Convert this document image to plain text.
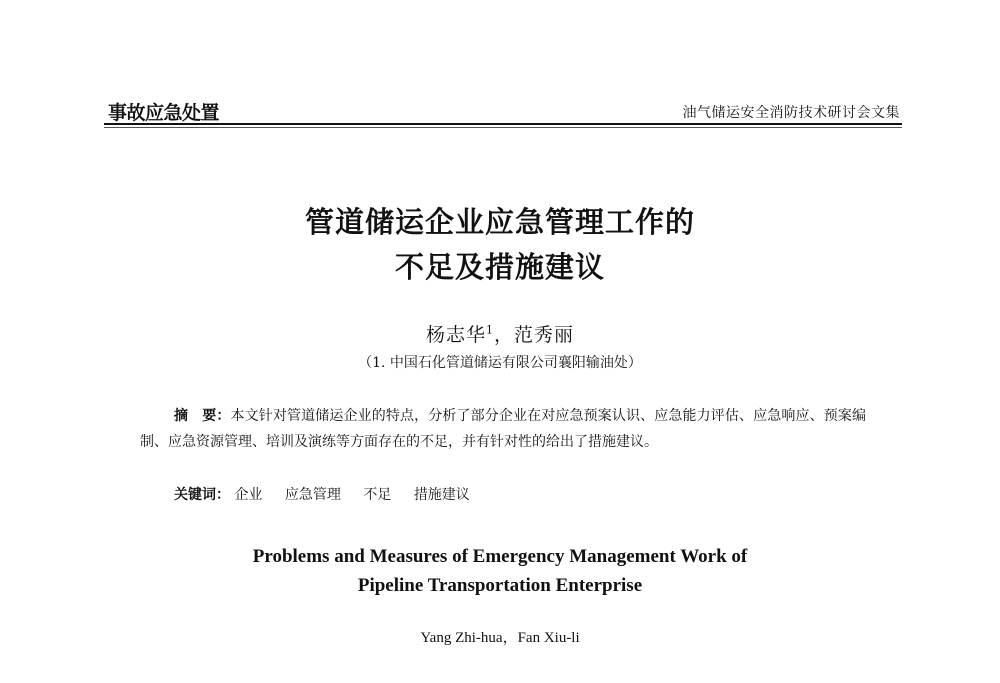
事故应急处置	油气储运安全消防技术研讨会文集
管道储运企业应急管理工作的
不足及措施建议
杨志华$^1$，范秀丽
（1. 中国石化管道储运有限公司襄阳输油处）
摘　要：本文针对管道储运企业的特点，分析了部分企业在对应急预案认识、应急能力评估、应急响应、预案编制、应急资源管理、培训及演练等方面存在的不足，并有针对性的给出了措施建议。
关键词： 企业 应急管理 不足 措施建议
Problems and Measures of Emergency Management Work of
Pipeline Transportation Enterprise
Yang Zhi-hua，Fan Xiu-li
